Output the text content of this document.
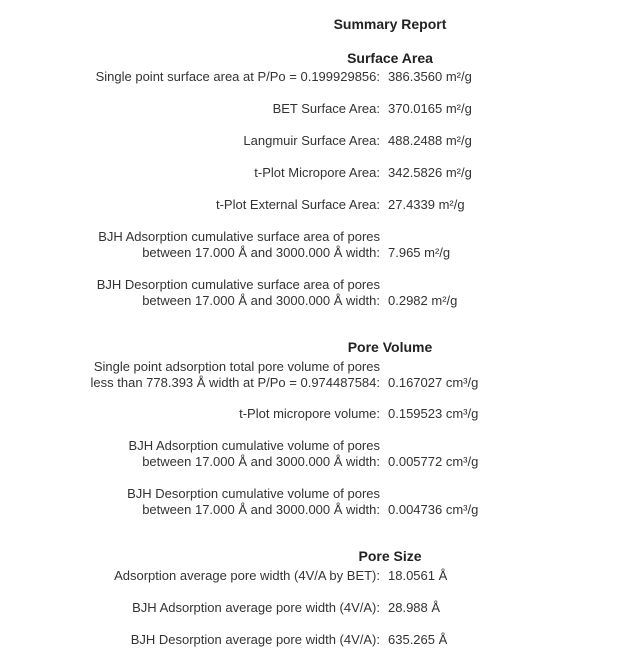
Summary Report
Surface Area
Single point surface area at P/Po = 0.199929856: 386.3560 m²/g
BET Surface Area: 370.0165 m²/g
Langmuir Surface Area: 488.2488 m²/g
t-Plot Micropore Area: 342.5826 m²/g
t-Plot External Surface Area: 27.4339 m²/g
BJH Adsorption cumulative surface area of pores
between 17.000 Å and 3000.000 Å width: 7.965 m²/g
BJH Desorption cumulative surface area of pores
between 17.000 Å and 3000.000 Å width: 0.2982 m²/g
Pore Volume
Single point adsorption total pore volume of pores
less than 778.393 Å width at P/Po = 0.974487584: 0.167027 cm³/g
t-Plot micropore volume: 0.159523 cm³/g
BJH Adsorption cumulative volume of pores
between 17.000 Å and 3000.000 Å width: 0.005772 cm³/g
BJH Desorption cumulative volume of pores
between 17.000 Å and 3000.000 Å width: 0.004736 cm³/g
Pore Size
Adsorption average pore width (4V/A by BET): 18.0561 Å
BJH Adsorption average pore width (4V/A): 28.988 Å
BJH Desorption average pore width (4V/A): 635.265 Å
